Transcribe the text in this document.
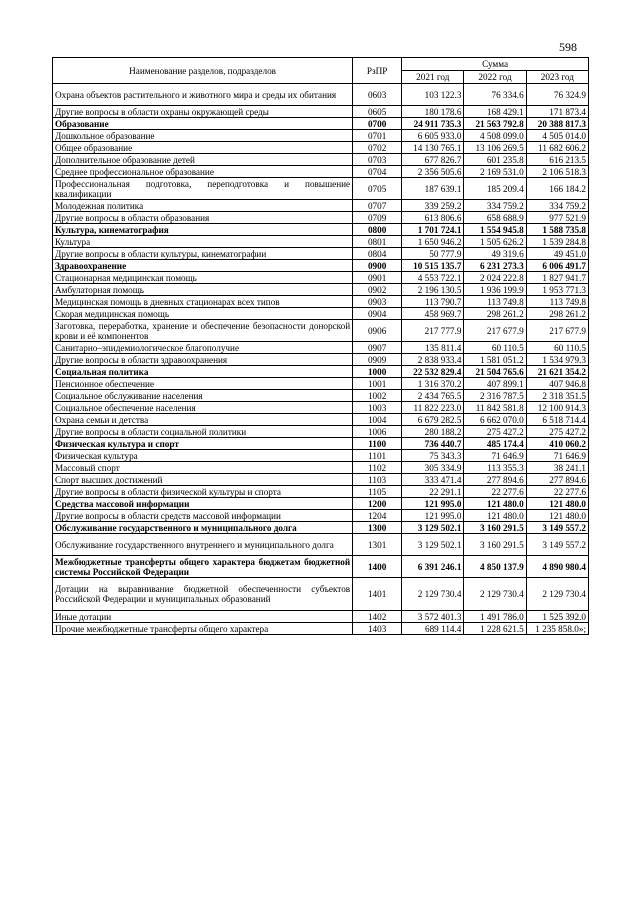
598
Наименование разделов, подразделов	РзПР	Сумма		
		2021 год	2022 год	2023 год
Охрана объектов растительного и животного мира и среды их обитания	0603	103 122.3	76 334.6	76 324.9
Другие вопросы в области охраны окружающей среды	0605	180 178.6	168 429.1	171 873.4
Образование	0700	24 911 735.3	21 563 792.8	20 388 817.3
Дошкольное образование	0701	6 605 933.0	4 508 099.0	4 505 014.0
Общее образование	0702	14 130 765.1	13 106 269.5	11 682 606.2
Дополнительное образование детей	0703	677 826.7	601 235.8	616 213.5
Среднее профессиональное образование	0704	2 356 505.6	2 169 531.0	2 106 518.3
Профессиональная подготовка, переподготовка и повышение квалификации	0705	187 639.1	185 209.4	166 184.2
Молодежная политика	0707	339 259.2	334 759.2	334 759.2
Другие вопросы в области образования	0709	613 806.6	658 688.9	977 521.9
Культура, кинематография	0800	1 701 724.1	1 554 945.8	1 588 735.8
Культура	0801	1 650 946.2	1 505 626.2	1 539 284.8
Другие вопросы в области культуры, кинематографии	0804	50 777.9	49 319.6	49 451.0
Здравоохранение	0900	10 515 135.7	6 231 273.3	6 006 491.7
Стационарная медицинская помощь	0901	4 553 722.1	2 024 222.8	1 827 941.7
Амбулаторная помощь	0902	2 196 130.5	1 936 199.9	1 953 771.3
Медицинская помощь в дневных стационарах всех типов	0903	113 790.7	113 749.8	113 749.8
Скорая медицинская помощь	0904	458 969.7	298 261.2	298 261.2
Заготовка, переработка, хранение и обеспечение безопасности донорской крови и её компонентов	0906	217 777.9	217 677.9	217 677.9
Санитарно–эпидемиологическое благополучие	0907	135 811.4	60 110.5	60 110.5
Другие вопросы в области здравоохранения	0909	2 838 933.4	1 581 051.2	1 534 979.3
Социальная политика	1000	22 532 829.4	21 504 765.6	21 621 354.2
Пенсионное обеспечение	1001	1 316 370.2	407 899.1	407 946.8
Социальное обслуживание населения	1002	2 434 765.5	2 316 787.5	2 318 351.5
Социальное обеспечение населения	1003	11 822 223.0	11 842 581.8	12 100 914.3
Охрана семьи и детства	1004	6 679 282.5	6 662 070.0	6 518 714.4
Другие вопросы в области социальной политики	1006	280 188.2	275 427.2	275 427.2
Физическая культура и спорт	1100	736 440.7	485 174.4	410 060.2
Физическая культура	1101	75 343.3	71 646.9	71 646.9
Массовый спорт	1102	305 334.9	113 355.3	38 241.1
Спорт высших достижений	1103	333 471.4	277 894.6	277 894.6
Другие вопросы в области физической культуры и спорта	1105	22 291.1	22 277.6	22 277.6
Средства массовой информации	1200	121 995.0	121 480.0	121 480.0
Другие вопросы в области средств массовой информации	1204	121 995.0	121 480.0	121 480.0
Обслуживание государственного и муниципального долга	1300	3 129 502.1	3 160 291.5	3 149 557.2
Обслуживание государственного внутреннего и муниципального долга	1301	3 129 502.1	3 160 291.5	3 149 557.2
Межбюджетные трансферты общего характера бюджетам бюджетной системы Российской Федерации	1400	6 391 246.1	4 850 137.9	4 890 980.4
Дотации на выравнивание бюджетной обеспеченности субъектов Российской Федерации и муниципальных образований	1401	2 129 730.4	2 129 730.4	2 129 730.4
Иные дотации	1402	3 572 401.3	1 491 786.0	1 525 392.0
Прочие межбюджетные трансферты общего характера	1403	689 114.4	1 228 621.5	1 235 858.0»;
